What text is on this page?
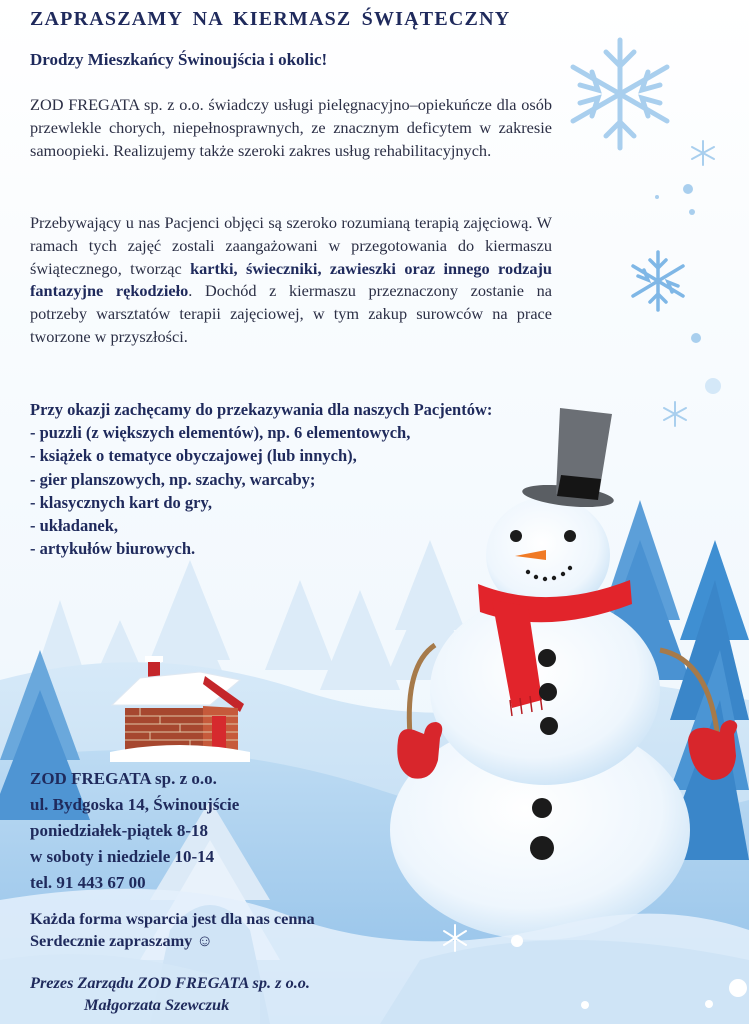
ZAPRASZAMY NA KIERMASZ ŚWIĄTECZNY
Drodzy Mieszkańcy Świnoujścia i okolic!
ZOD FREGATA sp. z o.o. świadczy usługi pielęgnacyjno–opiekuńcze dla osób przewlekle chorych, niepełnosprawnych, ze znacznym deficytem w zakresie samoopieki. Realizujemy także szeroki zakres usług rehabilitacyjnych.
Przebywający u nas Pacjenci objęci są szeroko rozumianą terapią zajęciową. W ramach tych zajęć zostali zaangażowani w przegotowania do kiermaszu świątecznego, tworząc kartki, świeczniki, zawieszki oraz innego rodzaju fantazyjne rękodzieło. Dochód z kiermaszu przeznaczony zostanie na potrzeby warsztatów terapii zajęciowej, w tym zakup surowców na prace tworzone w przyszłości.
Przy okazji zachęcamy do przekazywania dla naszych Pacjentów:
- puzzli (z większych elementów), np. 6 elementowych,
- książek o tematyce obyczajowej (lub innych),
- gier planszowych, np. szachy, warcaby;
- klasycznych kart do gry,
- układanek,
- artykułów biurowych.
ZOD FREGATA sp. z o.o.
ul. Bydgoska 14, Świnoujście
poniedziałek-piątek 8-18
w soboty i niedziele 10-14
tel. 91 443 67 00
Każda forma wsparcia jest dla nas cenna
Serdecznie zapraszamy ☺
Prezes Zarządu ZOD FREGATA sp. z o.o.
Małgorzata Szewczuk
